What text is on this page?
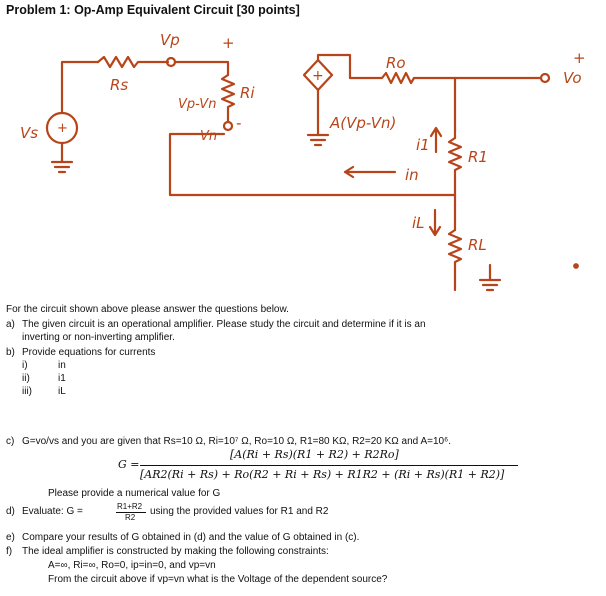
Problem 1: Op-Amp Equivalent Circuit [30 points]
Vp	+
Rs
Vp-Vn
Ri
Vn
-
Ro
A(Vp-Vn)
+
Vs +
+
Vo
i1
R1
in
iL
RL
For the circuit shown above please answer the questions below.
a) The given circuit is an operational amplifier. Please study the circuit and determine if it is an
inverting or non-inverting amplifier.
b) Provide equations for currents
i)	in
ii)	i1
iii)	iL
c) G=vo/vs and you are given that Rs=10 Ω, Ri=10⁷ Ω, Ro=10 Ω, R1=80 KΩ, R2=20 KΩ and A=10⁶.
G =
[A(Ri + Rs)(R1 + R2) + R2Ro]
[AR2(Ri + Rs) + Ro(R2 + Ri + Rs) + R1R2 + (Ri + Rs)(R1 + R2)]
Please provide a numerical value for G
d) Evaluate: G =	R1+R2
R2
using the provided values for R1 and R2
e) Compare your results of G obtained in (d) and the value of G obtained in (c).
f) The ideal amplifier is constructed by making the following constraints:
A=∞, Ri=∞, Ro=0, ip=in=0, and vp=vn
From the circuit above if vp=vn what is the Voltage of the dependent source?
